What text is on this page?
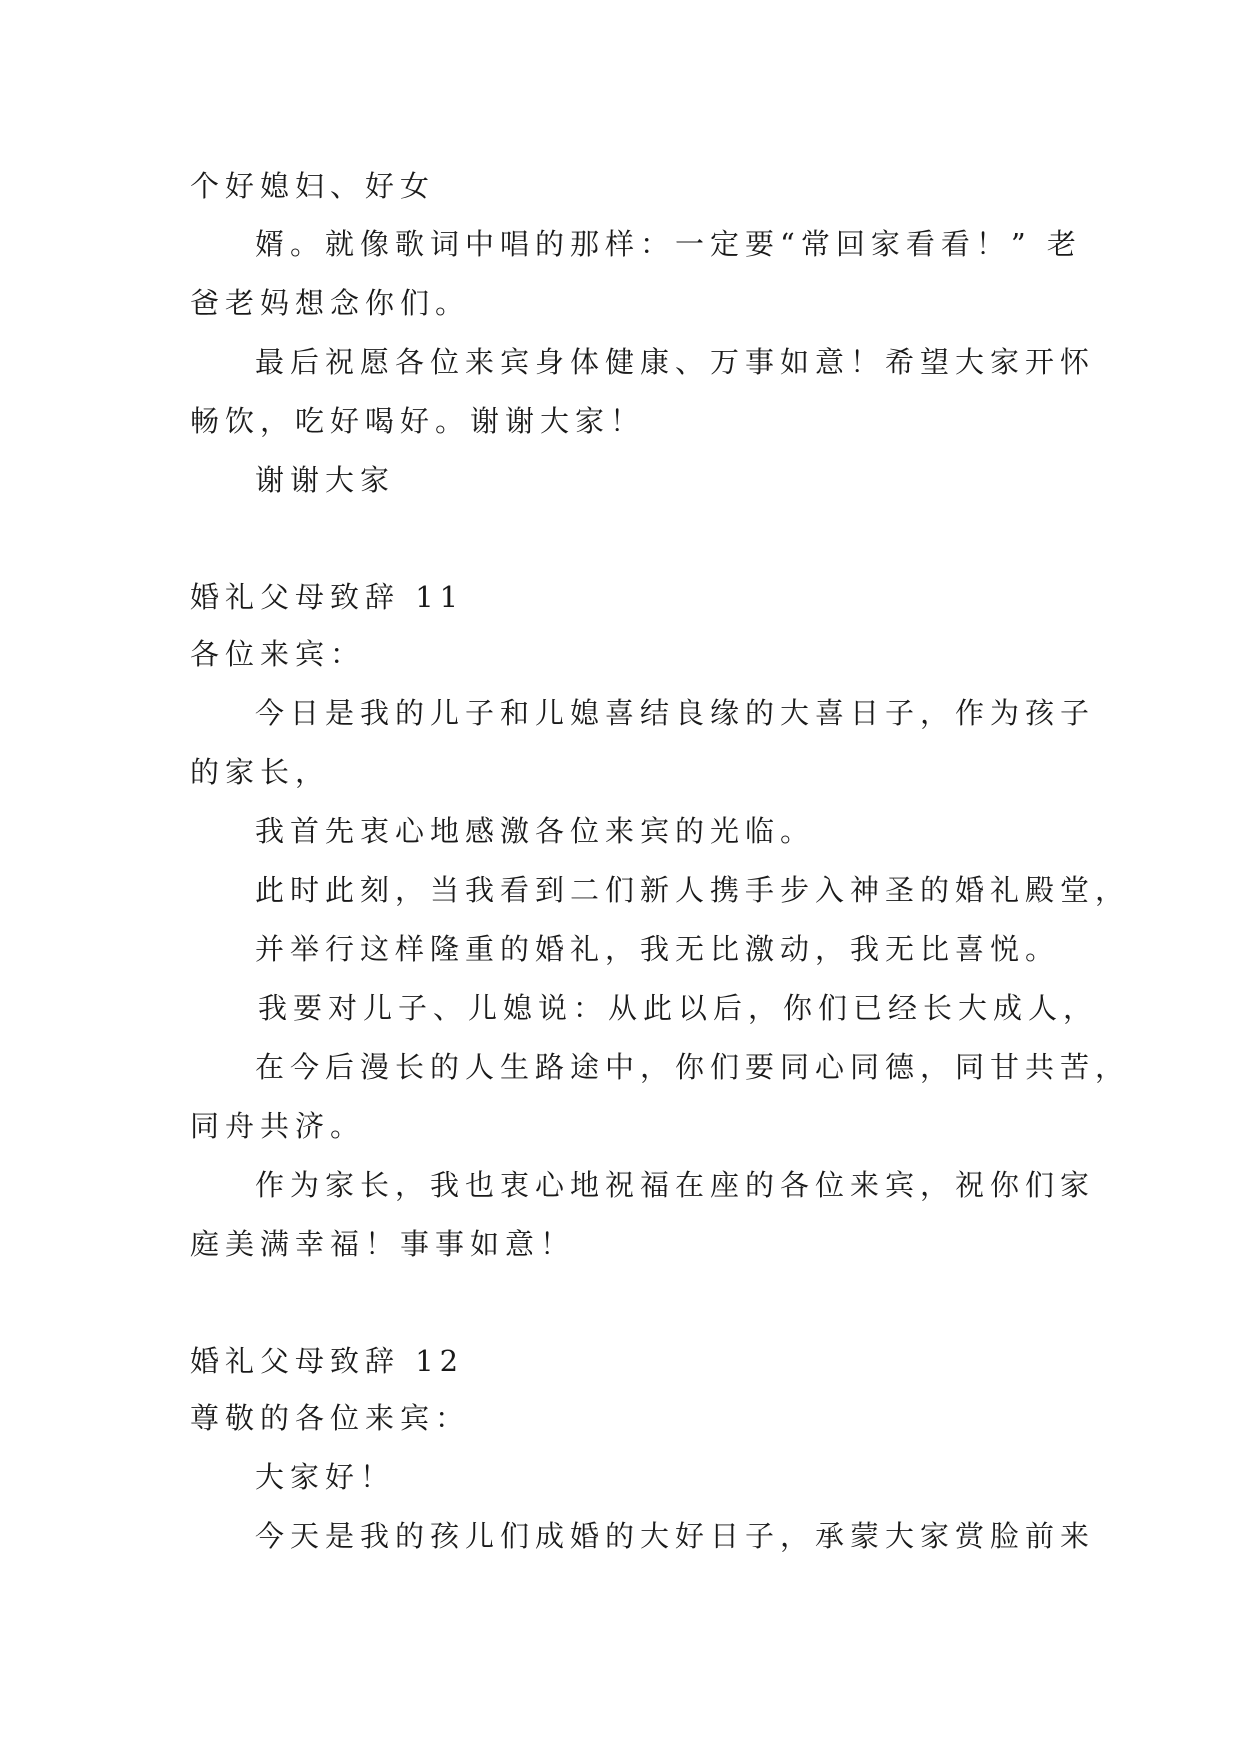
个好媳妇、好女
婿。就像歌词中唱的那样：一定要“常回家看看！” 老
爸老妈想念你们。
最后祝愿各位来宾身体健康、万事如意！希望大家开怀
畅饮，吃好喝好。谢谢大家！
谢谢大家
婚礼父母致辞 11
各位来宾：
今日是我的儿子和儿媳喜结良缘的大喜日子，作为孩子
的家长，
我首先衷心地感激各位来宾的光临。
此时此刻，当我看到二们新人携手步入神圣的婚礼殿堂，
并举行这样隆重的婚礼，我无比激动，我无比喜悦。
我要对儿子、儿媳说：从此以后，你们已经长大成人，
在今后漫长的人生路途中，你们要同心同德，同甘共苦，
同舟共济。
作为家长，我也衷心地祝福在座的各位来宾，祝你们家
庭美满幸福！事事如意！
婚礼父母致辞 12
尊敬的各位来宾：
大家好！
今天是我的孩儿们成婚的大好日子，承蒙大家赏脸前来
